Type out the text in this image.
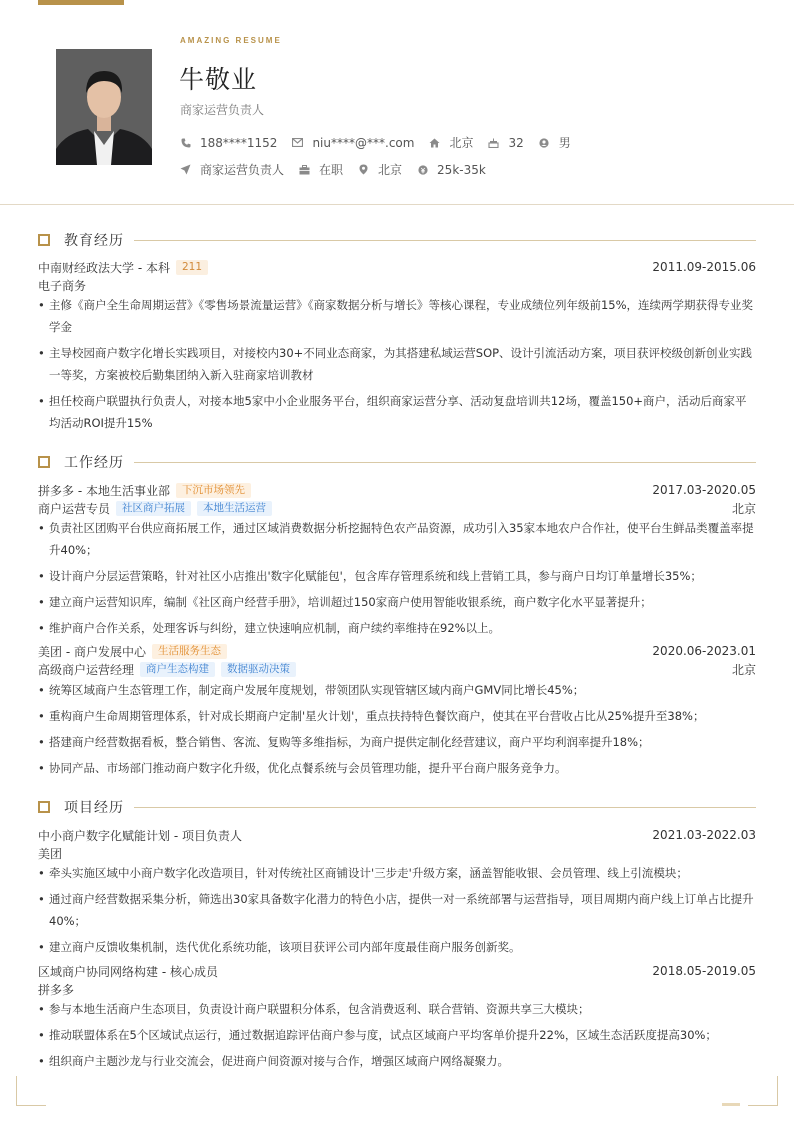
AMAZING RESUME
牛敬业
商家运营负责人
188****1152	niu****@***.com	北京	32	男
商家运营负责人	在职	北京	25k-35k
教育经历
中南财经政法大学 - 本科	211	2011.09-2015.06
电子商务
• 主修《商户全生命周期运营》《零售场景流量运营》《商家数据分析与增长》等核心课程，专业成绩位列年级前15%，连续两学期获得专业奖学金
• 主导校园商户数字化增长实践项目，对接校内30+不同业态商家，为其搭建私域运营SOP、设计引流活动方案，项目获评校级创新创业实践一等奖，方案被校后勤集团纳入新入驻商家培训教材
• 担任校商户联盟执行负责人，对接本地5家中小企业服务平台，组织商家运营分享、活动复盘培训共12场，覆盖150+商户，活动后商家平均活动ROI提升15%
工作经历
拼多多 - 本地生活事业部	下沉市场领先	2017.03-2020.05
商户运营专员	社区商户拓展	本地生活运营	北京
• 负责社区团购平台供应商拓展工作，通过区域消费数据分析挖掘特色农产品资源，成功引入35家本地农户合作社，使平台生鲜品类覆盖率提升40%；
• 设计商户分层运营策略，针对社区小店推出'数字化赋能包'，包含库存管理系统和线上营销工具，参与商户日均订单量增长35%；
• 建立商户运营知识库，编制《社区商户经营手册》，培训超过150家商户使用智能收银系统，商户数字化水平显著提升；
• 维护商户合作关系，处理客诉与纠纷，建立快速响应机制，商户续约率维持在92%以上。
美团 - 商户发展中心	生活服务生态	2020.06-2023.01
高级商户运营经理	商户生态构建	数据驱动决策	北京
• 统筹区域商户生态管理工作，制定商户发展年度规划，带领团队实现管辖区域内商户GMV同比增长45%；
• 重构商户生命周期管理体系，针对成长期商户定制'星火计划'，重点扶持特色餐饮商户，使其在平台营收占比从25%提升至38%；
• 搭建商户经营数据看板，整合销售、客流、复购等多维指标，为商户提供定制化经营建议，商户平均利润率提升18%；
• 协同产品、市场部门推动商户数字化升级，优化点餐系统与会员管理功能，提升平台商户服务竞争力。
项目经历
中小商户数字化赋能计划 - 项目负责人	2021.03-2022.03
美团
• 牵头实施区域中小商户数字化改造项目，针对传统社区商铺设计'三步走'升级方案，涵盖智能收银、会员管理、线上引流模块；
• 通过商户经营数据采集分析，筛选出30家具备数字化潜力的特色小店，提供一对一系统部署与运营指导，项目周期内商户线上订单占比提升40%；
• 建立商户反馈收集机制，迭代优化系统功能，该项目获评公司内部年度最佳商户服务创新奖。
区域商户协同网络构建 - 核心成员	2018.05-2019.05
拼多多
• 参与本地生活商户生态项目，负责设计商户联盟积分体系，包含消费返利、联合营销、资源共享三大模块；
• 推动联盟体系在5个区域试点运行，通过数据追踪评估商户参与度，试点区域商户平均客单价提升22%，区域生态活跃度提高30%；
• 组织商户主题沙龙与行业交流会，促进商户间资源对接与合作，增强区域商户网络凝聚力。
